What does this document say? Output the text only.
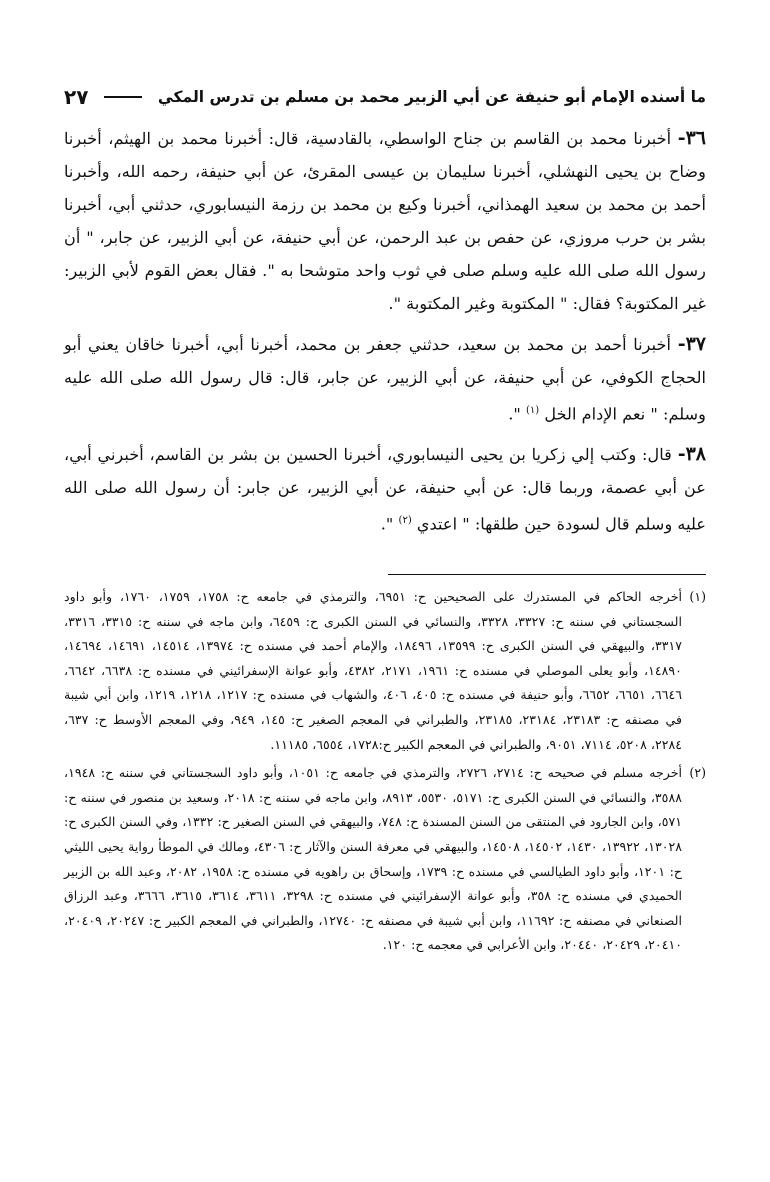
ما أسنده الإمام أبو حنيفة عن أبي الزبير محمد بن مسلم بن تدرس المكي
٢٧

٣٦- أخبرنا محمد بن القاسم بن جناح الواسطي، بالقادسية، قال: أخبرنا محمد بن الهيثم، أخبرنا وضاح بن يحيى النهشلي، أخبرنا سليمان بن عيسى المقرئ، عن أبي حنيفة، رحمه الله، وأخبرنا أحمد بن محمد بن سعيد الهمذاني، أخبرنا وكيع بن محمد بن رزمة النيسابوري، حدثني أبي، أخبرنا بشر بن حرب مروزي، عن حفص بن عبد الرحمن، عن أبي حنيفة، عن أبي الزبير، عن جابر، " أن رسول الله صلى الله عليه وسلم صلى في ثوب واحد متوشحا به ". فقال بعض القوم لأبي الزبير: غير المكتوبة؟ فقال: " المكتوبة وغير المكتوبة ".

٣٧- أخبرنا أحمد بن محمد بن سعيد، حدثني جعفر بن محمد، أخبرنا أبي، أخبرنا خاقان يعني أبو الحجاج الكوفي، عن أبي حنيفة، عن أبي الزبير، عن جابر، قال: قال رسول الله صلى الله عليه وسلم: " نعم الإدام الخل $^{(١)}$ ".

٣٨- قال: وكتب إلي زكريا بن يحيى النيسابوري، أخبرنا الحسين بن بشر بن القاسم، أخبرني أبي، عن أبي عصمة، وربما قال: عن أبي حنيفة، عن أبي الزبير، عن جابر: أن رسول الله صلى الله عليه وسلم قال لسودة حين طلقها: " اعتدي $^{(٢)}$ ".

(١)
أخرجه الحاكم في المستدرك على الصحيحين ح: ٦٩٥١، والترمذي في جامعه ح: ١٧٥٨، ١٧٥٩، ١٧٦٠، وأبو داود السجستاني في سننه ح: ٣٣٢٧، ٣٣٢٨، والنسائي في السنن الكبرى ح: ٦٤٥٩، وابن ماجه في سننه ح: ٣٣١٥، ٣٣١٦، ٣٣١٧، والبيهقي في السنن الكبرى ح: ١٣٥٩٩، ١٨٤٩٦، والإمام أحمد في مسنده ح: ١٣٩٧٤، ١٤٥١٤، ١٤٦٩١، ١٤٦٩٤، ١٤٨٩٠، وأبو يعلى الموصلي في مسنده ح: ١٩٦١، ٢١٧١، ٤٣٨٢، وأبو عوانة الإسفرائيني في مسنده ح: ٦٦٣٨، ٦٦٤٢، ٦٦٤٦، ٦٦٥١، ٦٦٥٢، وأبو حنيفة في مسنده ح: ٤٠٥، ٤٠٦، والشهاب في مسنده ح: ١٢١٧، ١٢١٨، ١٢١٩، وابن أبي شيبة في مصنفه ح: ٢٣١٨٣، ٢٣١٨٤، ٢٣١٨٥، والطبراني في المعجم الصغير ح: ١٤٥، ٩٤٩، وفي المعجم الأوسط ح: ٦٣٧، ٢٢٨٤، ٥٢٠٨، ٧١١٤، ٩٠٥١، والطبراني في المعجم الكبير ح:١٧٢٨، ٦٥٥٤، ١١١٨٥.
(٢)
أخرجه مسلم في صحيحه ح: ٢٧١٤، ٢٧٢٦، والترمذي في جامعه ح: ١٠٥١، وأبو داود السجستاني في سننه ح: ١٩٤٨، ٣٥٨٨، والنسائي في السنن الكبرى ح: ٥١٧١، ٥٥٣٠، ٨٩١٣، وابن ماجه في سننه ح: ٢٠١٨، وسعيد بن منصور في سننه ح: ٥٧١، وابن الجارود في المنتقى من السنن المسندة ح: ٧٤٨، والبيهقي في السنن الصغير ح: ١٣٣٢، وفي السنن الكبرى ح: ١٣٠٢٨، ١٣٩٢٢، ١٤٣٠، ١٤٥٠٢، ١٤٥٠٨، والبيهقي في معرفة السنن والآثار ح: ٤٣٠٦، ومالك في الموطأ رواية يحيى الليثي ح: ١٢٠١، وأبو داود الطيالسي في مسنده ح: ١٧٣٩، وإسحاق بن راهويه في مسنده ح: ١٩٥٨، ٢٠٨٢، وعبد الله بن الزبير الحميدي في مسنده ح: ٣٥٨، وأبو عوانة الإسفرائيني في مسنده ح: ٣٢٩٨، ٣٦١١، ٣٦١٤، ٣٦١٥، ٣٦٦٦، وعبد الرزاق الصنعاني في مصنفه ح: ١١٦٩٢، وابن أبي شيبة في مصنفه ح: ١٢٧٤٠، والطبراني في المعجم الكبير ح: ٢٠٢٤٧، ٢٠٤٠٩، ٢٠٤١٠، ٢٠٤٢٩، ٢٠٤٤٠، وابن الأعرابي في معجمه ح: ١٢٠.
